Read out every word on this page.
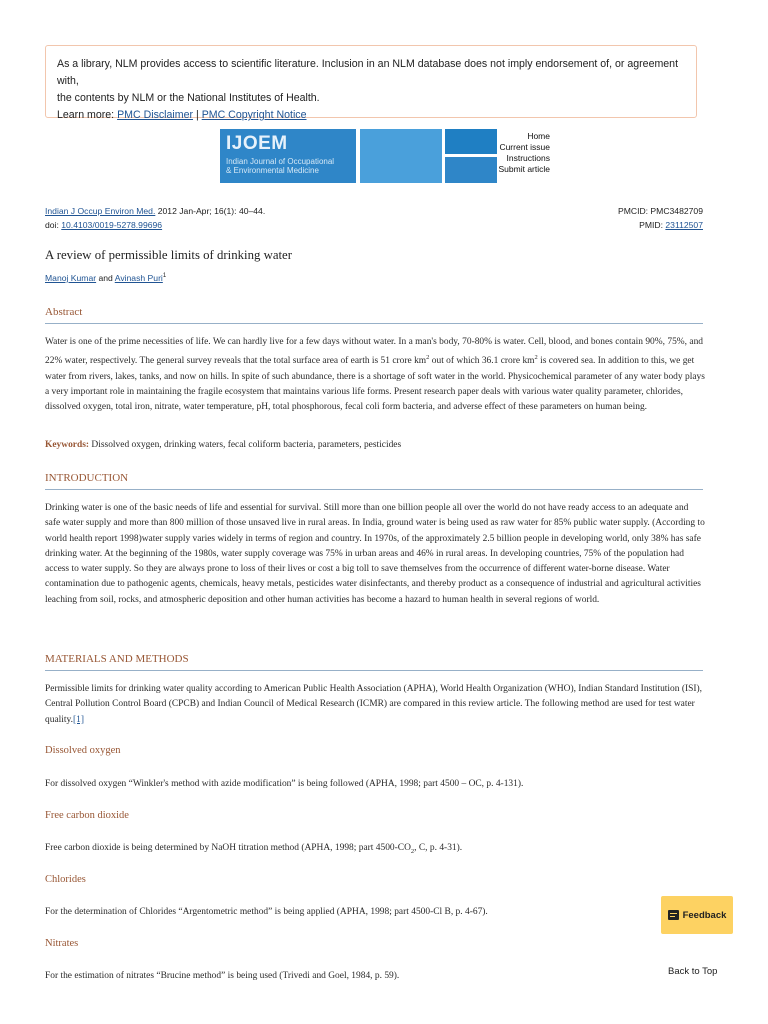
As a library, NLM provides access to scientific literature. Inclusion in an NLM database does not imply endorsement of, or agreement with,
the contents by NLM or the National Institutes of Health.
Learn more: PMC Disclaimer | PMC Copyright Notice
IJOEM
Indian Journal of Occupational
& Environmental Medicine
Home
Current issue
Instructions
Submit article
Indian J Occup Environ Med. 2012 Jan-Apr; 16(1): 40–44.
doi: 10.4103/0019-5278.99696
PMCID: PMC3482709
PMID: 23112507
A review of permissible limits of drinking water
Manoj Kumar and Avinash Puri$^1$
Abstract

Water is one of the prime necessities of life. We can hardly live for a few days without water. In a man's body, 70-80% is water. Cell, blood, and bones contain 90%, 75%, and 22% water, respectively. The general survey reveals that the total surface area of earth is 51 crore $km^2$ out of which 36.1 crore $km^2$ is covered sea. In addition to this, we get water from rivers, lakes, tanks, and now on hills. In spite of such abundance, there is a shortage of soft water in the world. Physicochemical parameter of any water body plays a very important role in maintaining the fragile ecosystem that maintains various life forms. Present research paper deals with various water quality parameter, chlorides, dissolved oxygen, total iron, nitrate, water temperature, pH, total phosphorous, fecal coli form bacteria, and adverse effect of these parameters on human being.

Keywords: Dissolved oxygen, drinking waters, fecal coliform bacteria, parameters, pesticides

INTRODUCTION

Drinking water is one of the basic needs of life and essential for survival. Still more than one billion people all over the world do not have ready access to an adequate and safe water supply and more than 800 million of those unsaved live in rural areas. In India, ground water is being used as raw water for 85% public water supply. (According to world health report 1998)water supply varies widely in terms of region and country. In 1970s, of the approximately 2.5 billion people in developing world, only 38% has safe drinking water. At the beginning of the 1980s, water supply coverage was 75% in urban areas and 46% in rural areas. In developing countries, 75% of the population had access to water supply. So they are always prone to loss of their lives or cost a big toll to save themselves from the occurrence of different water-borne disease. Water contamination due to pathogenic agents, chemicals, heavy metals, pesticides water disinfectants, and thereby product as a consequence of industrial and agricultural activities leaching from soil, rocks, and atmospheric deposition and other human activities has become a hazard to human health in several regions of world.

MATERIALS AND METHODS

Permissible limits for drinking water quality according to American Public Health Association (APHA), World Health Organization (WHO), Indian Standard Institution (ISI), Central Pollution Control Board (CPCB) and Indian Council of Medical Research (ICMR) are compared in this review article. The following method are used for test water quality.[1]

Dissolved oxygen

For dissolved oxygen “Winkler's method with azide modification” is being followed (APHA, 1998; part 4500 – OC, p. 4-131).

Free carbon dioxide

Free carbon dioxide is being determined by NaOH titration method (APHA, 1998; part $4500-CO_2$, C, p. 4-31).

Chlorides

For the determination of Chlorides “Argentometric method” is being applied (APHA, 1998; part 4500-Cl B, p. 4-67).

Nitrates

For the estimation of nitrates “Brucine method” is being used (Trivedi and Goel, 1984, p. 59).

Feedback
Back to Top
